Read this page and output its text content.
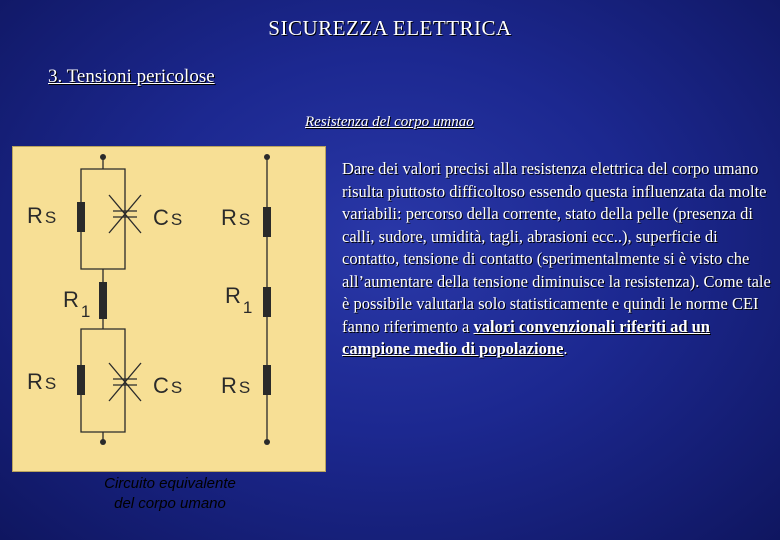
SICUREZZA ELETTRICA
3. Tensioni pericolose
Resistenza del corpo umnao
R S	C S R S
R $_1$
R $_1$
R S	C S R S
Circuito equivalente
del corpo umano
Dare dei valori precisi alla resistenza elettrica del corpo umano risulta piuttosto difficoltoso essendo questa influenzata da molte variabili: percorso della corrente, stato della pelle (presenza di calli, sudore, umidità, tagli, abrasioni ecc..), superficie di contatto, tensione di contatto (sperimentalmente si è visto che all’aumentare della tensione diminuisce la resistenza). Come tale è possibile valutarla solo statisticamente e quindi le norme CEI fanno riferimento a valori convenzionali riferiti ad un campione medio di popolazione.
